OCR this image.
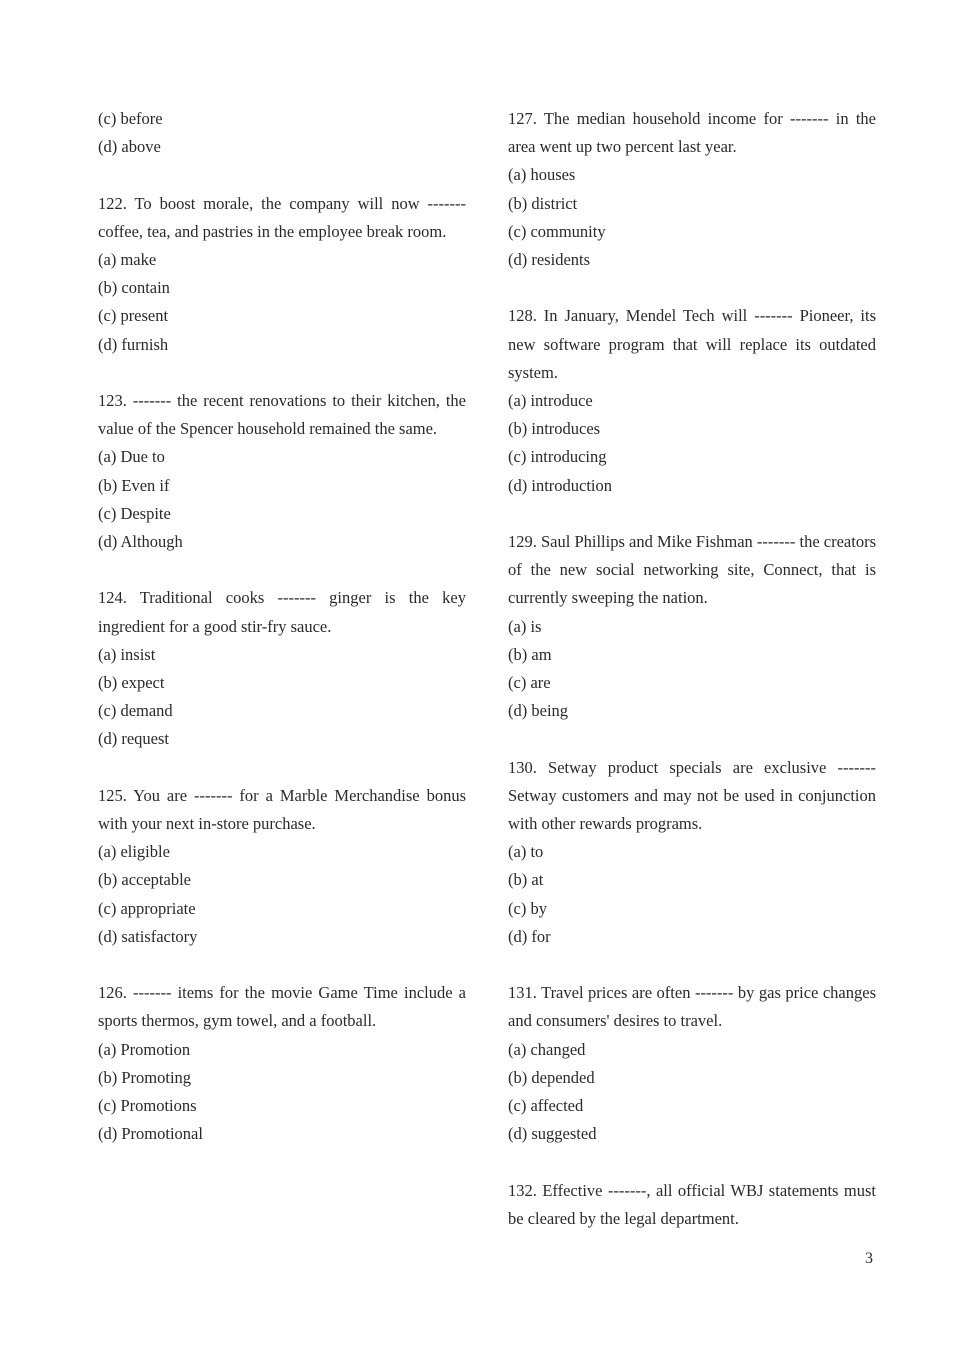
(c) before

(d) above

122. To boost morale, the company will now ------- coffee, tea, and pastries in the employee break room.

(a) make

(b) contain

(c) present

(d) furnish

123. ------- the recent renovations to their kitchen, the value of the Spencer household remained the same.

(a) Due to

(b) Even if

(c) Despite

(d) Although

124. Traditional cooks ------- ginger is the key ingredient for a good stir-fry sauce.

(a) insist

(b) expect

(c) demand

(d) request

125. You are ------- for a Marble Merchandise bonus with your next in-store purchase.

(a) eligible

(b) acceptable

(c) appropriate

(d) satisfactory

126. ------- items for the movie Game Time include a sports thermos, gym towel, and a football.

(a) Promotion

(b) Promoting

(c) Promotions

(d) Promotional

127. The median household income for ------- in the area went up two percent last year.

(a) houses

(b) district

(c) community

(d) residents

128. In January, Mendel Tech will ------- Pioneer, its new software program that will replace its outdated system.

(a) introduce

(b) introduces

(c) introducing

(d) introduction

129. Saul Phillips and Mike Fishman ------- the creators of the new social networking site, Connect, that is currently sweeping the nation.

(a) is

(b) am

(c) are

(d) being

130. Setway product specials are exclusive ------- Setway customers and may not be used in conjunction with other rewards programs.

(a) to

(b) at

(c) by

(d) for

131. Travel prices are often ------- by gas price changes and consumers' desires to travel.

(a) changed

(b) depended

(c) affected

(d) suggested

132. Effective -------, all official WBJ statements must be cleared by the legal department.

3
